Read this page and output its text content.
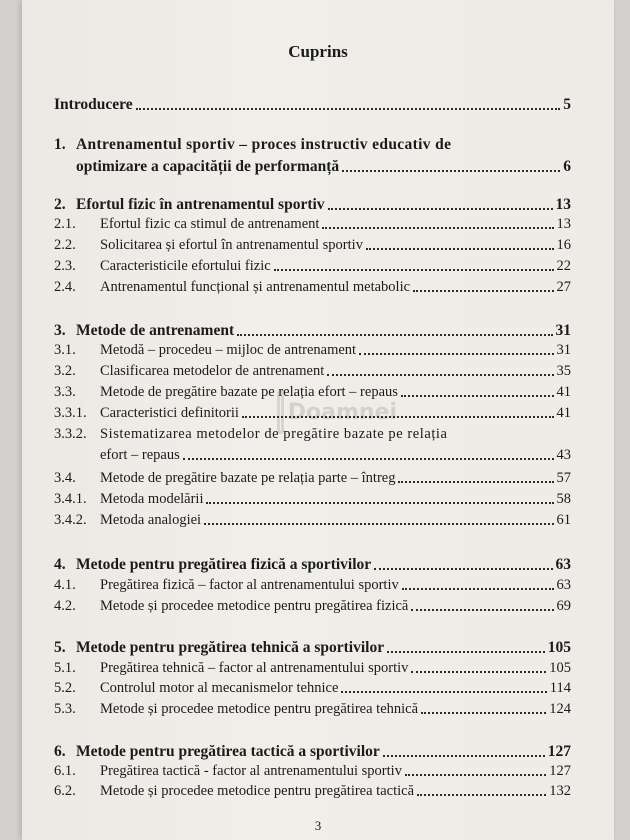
Cuprins
Doamnei
Introducere	5
1. Antrenamentul sportiv – proces instructiv educativ de
optimizare a capacității de performanță	6
2. Efortul fizic în antrenamentul sportiv	13
2.1.	Efortul fizic ca stimul de antrenament	13
2.2.	Solicitarea și efortul în antrenamentul sportiv	16
2.3.	Caracteristicile efortului fizic	22
2.4.	Antrenamentul funcțional și antrenamentul metabolic	27
3. Metode de antrenament	31
3.1.	Metodă – procedeu – mijloc de antrenament	31
3.2.	Clasificarea metodelor de antrenament	35
3.3.	Metode de pregătire bazate pe relația efort – repaus	41
3.3.1. Caracteristici definitorii	41
3.3.2. Sistematizarea metodelor de pregătire bazate pe relația
efort – repaus	43
3.4.	Metode de pregătire bazate pe relația parte – întreg	57
3.4.1. Metoda modelării	58
3.4.2. Metoda analogiei	61
4. Metode pentru pregătirea fizică a sportivilor	63
4.1.	Pregătirea fizică – factor al antrenamentului sportiv	63
4.2.	Metode și procedee metodice pentru pregătirea fizică	69
5. Metode pentru pregătirea tehnică a sportivilor	105
5.1.	Pregătirea tehnică – factor al antrenamentului sportiv	105
5.2.	Controlul motor al mecanismelor tehnice	114
5.3.	Metode și procedee metodice pentru pregătirea tehnică	124
6. Metode pentru pregătirea tactică a sportivilor	127
6.1.	Pregătirea tactică - factor al antrenamentului sportiv	127
6.2.	Metode și procedee metodice pentru pregătirea tactică	132
3
